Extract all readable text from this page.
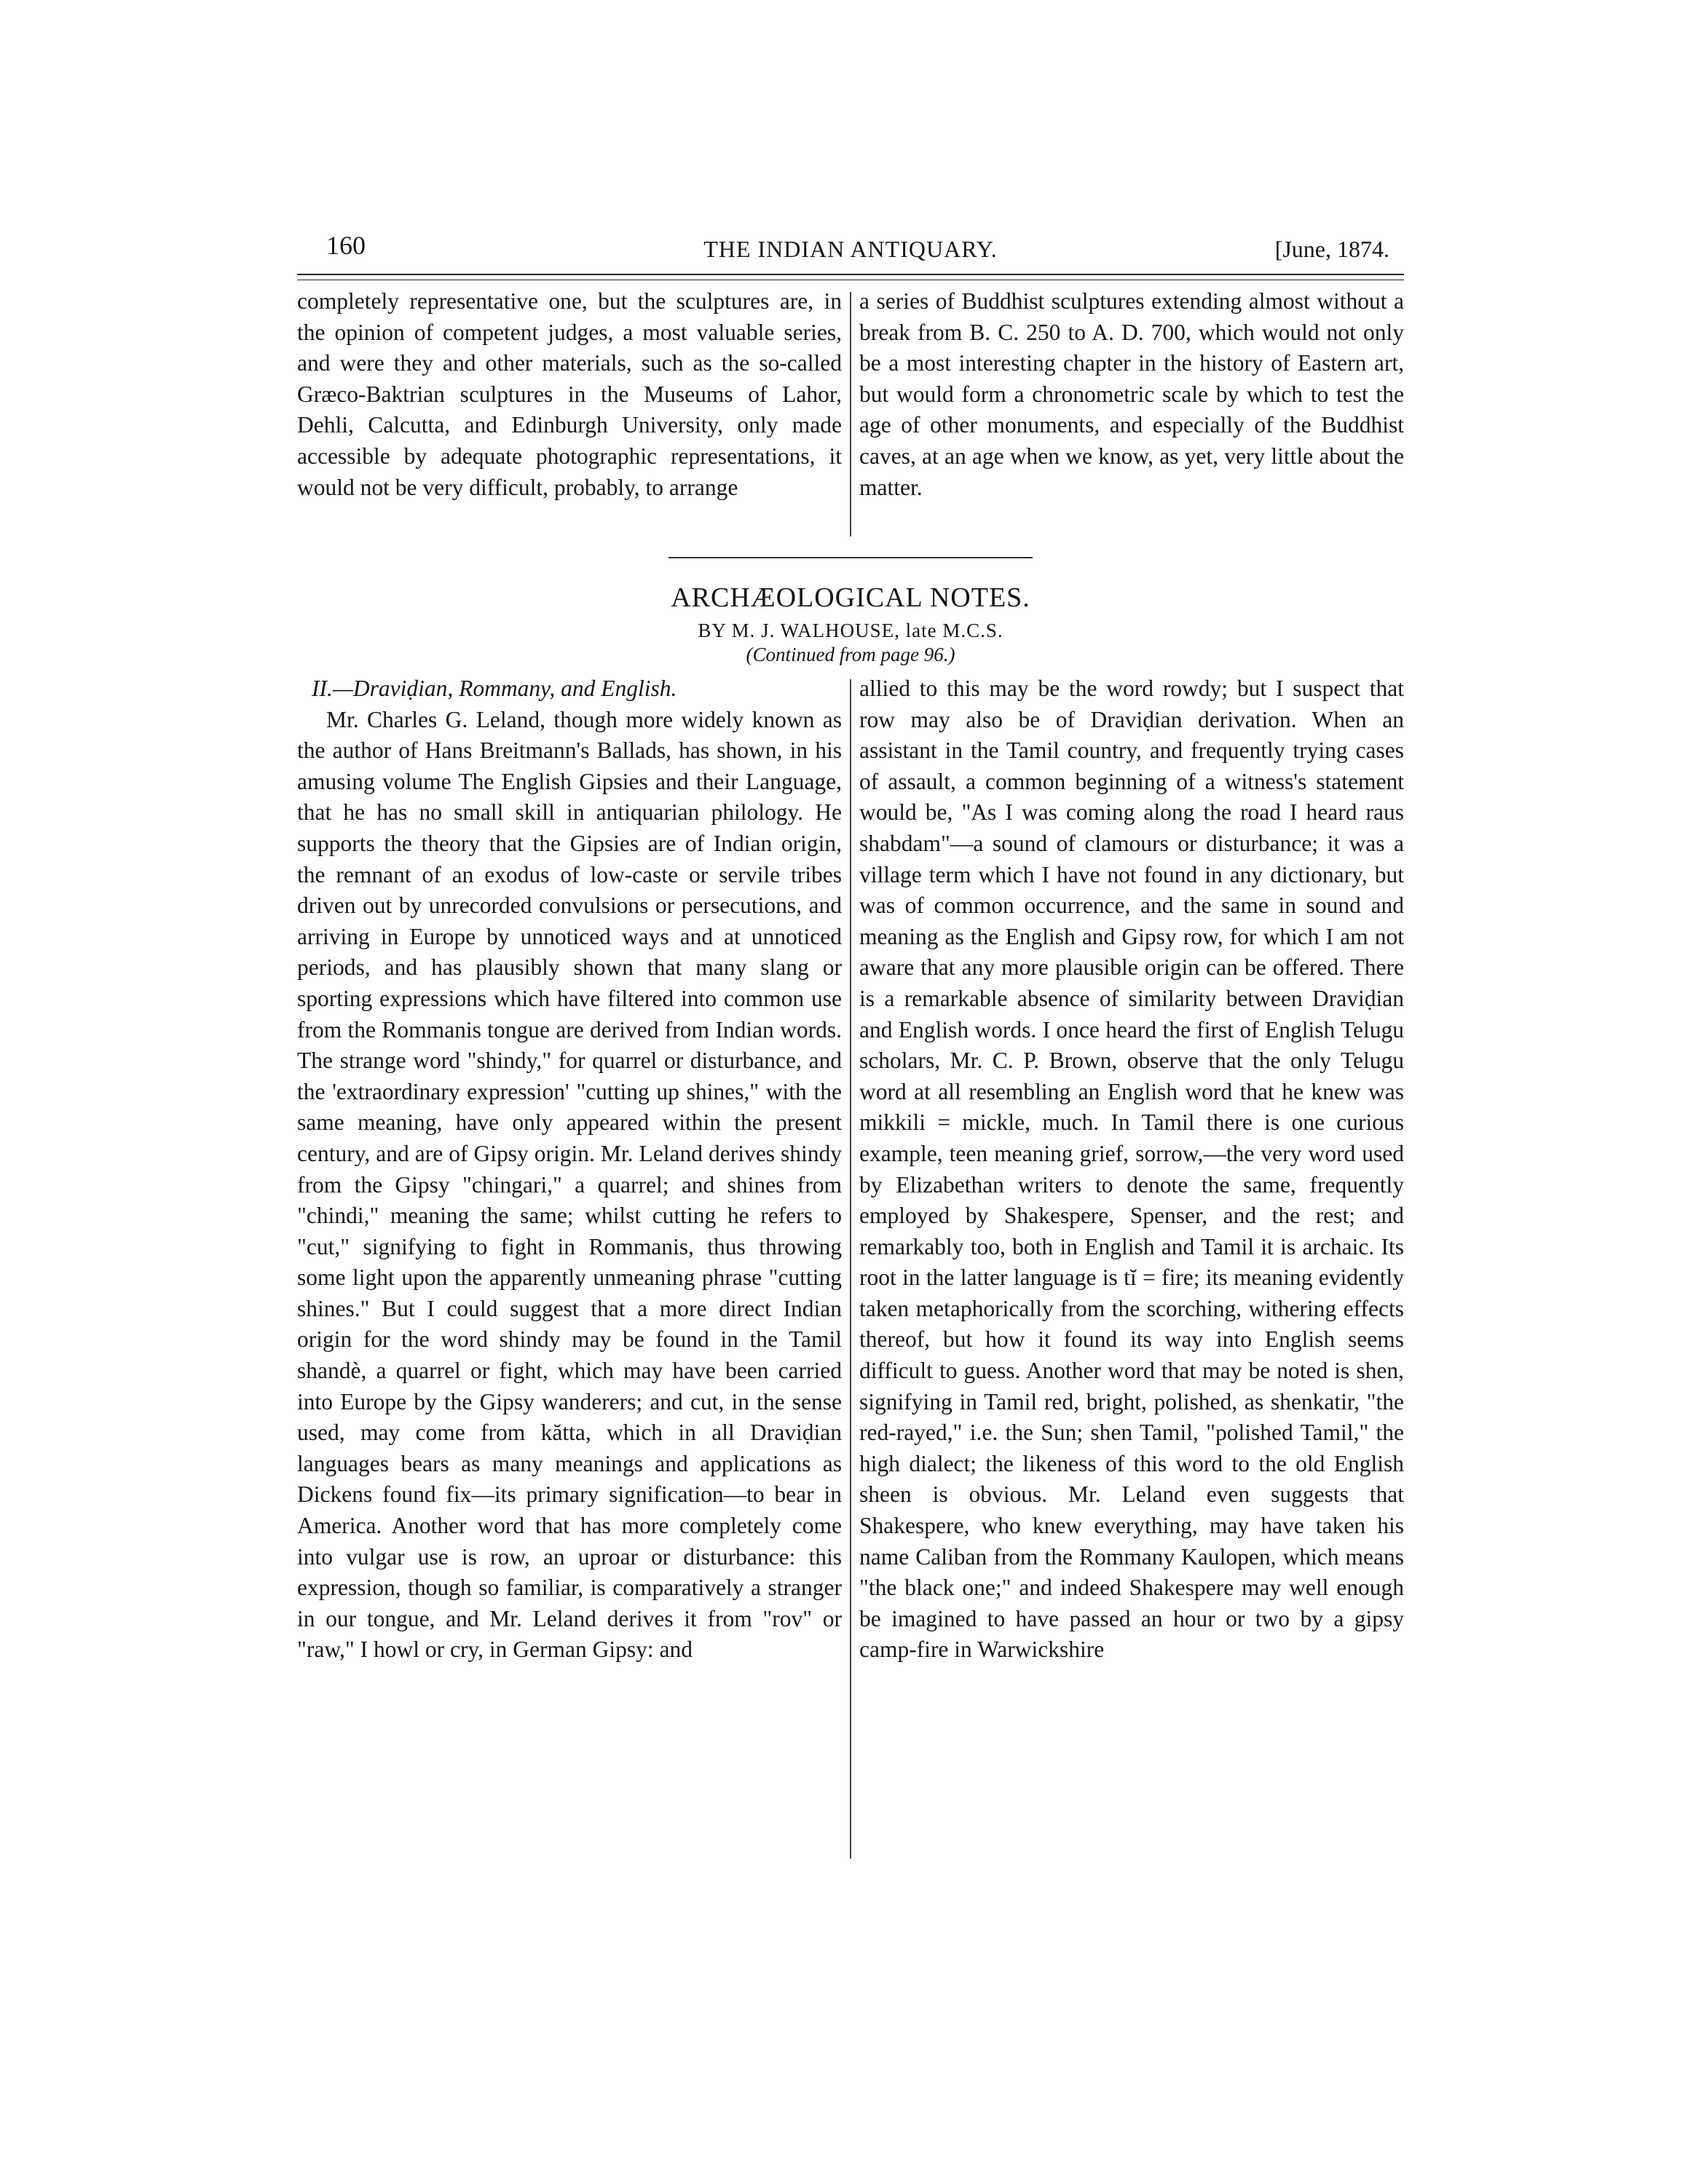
160	THE INDIAN ANTIQUARY.	[June, 1874.

completely representative one, but the sculptures are, in the opinion of competent judges, a most valuable series, and were they and other materials, such as the so-called Græco-Baktrian sculptures in the Museums of Lahor, Dehli, Calcutta, and Edinburgh University, only made accessible by adequate photographic representations, it would not be very difficult, probably, to arrange

a series of Buddhist sculptures extending almost without a break from B. C. 250 to A. D. 700, which would not only be a most interesting chapter in the history of Eastern art, but would form a chronometric scale by which to test the age of other monuments, and especially of the Buddhist caves, at an age when we know, as yet, very little about the matter.

ARCHÆOLOGICAL NOTES.
BY M. J. WALHOUSE, late M.C.S.
(Continued from page 96.)

II.—Draviḍian, Rommany, and English.

Mr. Charles G. Leland, though more widely known as the author of Hans Breitmann's Ballads, has shown, in his amusing volume The English Gipsies and their Language, that he has no small skill in antiquarian philology. He supports the theory that the Gipsies are of Indian origin, the remnant of an exodus of low-caste or servile tribes driven out by unrecorded convulsions or persecutions, and arriving in Europe by unnoticed ways and at unnoticed periods, and has plausibly shown that many slang or sporting expressions which have filtered into common use from the Rommanis tongue are derived from Indian words. The strange word "shindy," for quarrel or disturbance, and the 'extraordinary expression' "cutting up shines," with the same meaning, have only appeared within the present century, and are of Gipsy origin. Mr. Leland derives shindy from the Gipsy "chingari," a quarrel; and shines from "chindi," meaning the same; whilst cutting he refers to "cut," signifying to fight in Rommanis, thus throwing some light upon the apparently unmeaning phrase "cutting shines." But I could suggest that a more direct Indian origin for the word shindy may be found in the Tamil shandè, a quarrel or fight, which may have been carried into Europe by the Gipsy wanderers; and cut, in the sense used, may come from kătta, which in all Draviḍian languages bears as many meanings and applications as Dickens found fix—its primary signification—to bear in America. Another word that has more completely come into vulgar use is row, an uproar or disturbance: this expression, though so familiar, is comparatively a stranger in our tongue, and Mr. Leland derives it from "rov" or "raw," I howl or cry, in German Gipsy: and

allied to this may be the word rowdy; but I suspect that row may also be of Draviḍian derivation. When an assistant in the Tamil country, and frequently trying cases of assault, a common beginning of a witness's statement would be, "As I was coming along the road I heard raus shabdam"—a sound of clamours or disturbance; it was a village term which I have not found in any dictionary, but was of common occurrence, and the same in sound and meaning as the English and Gipsy row, for which I am not aware that any more plausible origin can be offered. There is a remarkable absence of similarity between Draviḍian and English words. I once heard the first of English Telugu scholars, Mr. C. P. Brown, observe that the only Telugu word at all resembling an English word that he knew was mikkili = mickle, much. In Tamil there is one curious example, teen meaning grief, sorrow,—the very word used by Elizabethan writers to denote the same, frequently employed by Shakespere, Spenser, and the rest; and remarkably too, both in English and Tamil it is archaic. Its root in the latter language is tĭ = fire; its meaning evidently taken metaphorically from the scorching, withering effects thereof, but how it found its way into English seems difficult to guess. Another word that may be noted is shen, signifying in Tamil red, bright, polished, as shenkatir, "the red-rayed," i.e. the Sun; shen Tamil, "polished Tamil," the high dialect; the likeness of this word to the old English sheen is obvious. Mr. Leland even suggests that Shakespere, who knew everything, may have taken his name Caliban from the Rommany Kaulopen, which means "the black one;" and indeed Shakespere may well enough be imagined to have passed an hour or two by a gipsy camp-fire in Warwickshire
